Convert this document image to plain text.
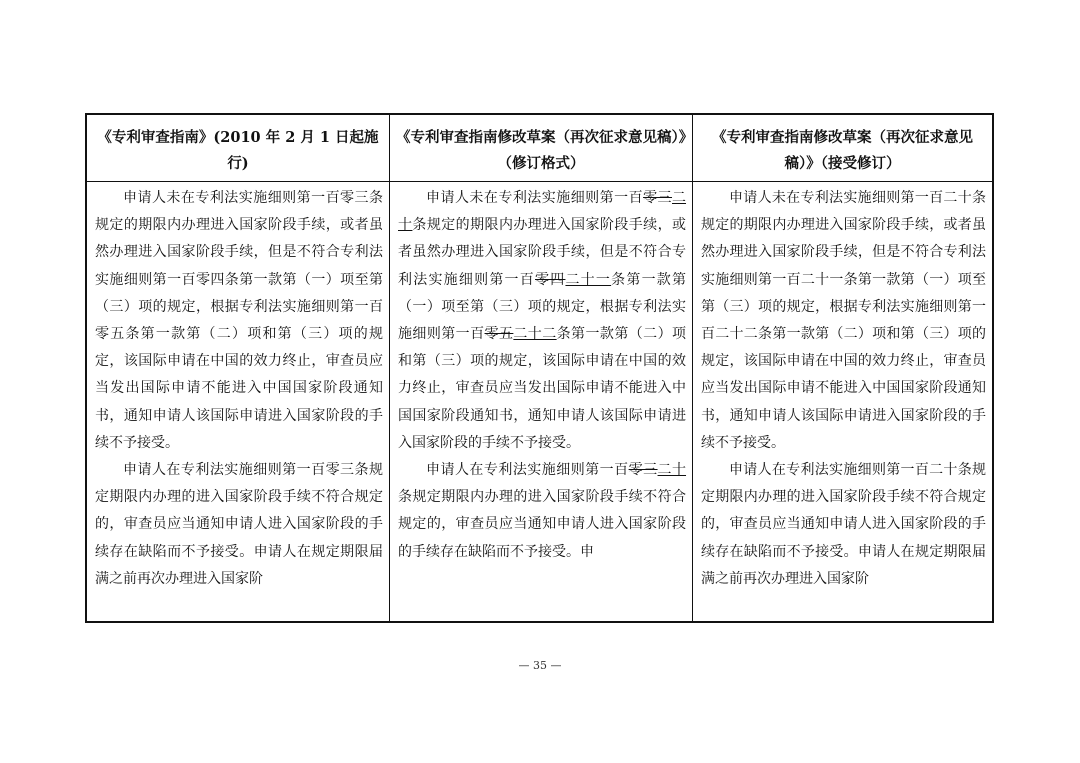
《专利审查指南》(2010 年 2 月 1 日起施行)
《专利审查指南修改草案（再次征求意见稿）》（修订格式）
《专利审查指南修改草案（再次征求意见稿）》（接受修订）

申请人未在专利法实施细则第一百零三条规定的期限内办理进入国家阶段手续，或者虽然办理进入国家阶段手续，但是不符合专利法实施细则第一百零四条第一款第（一）项至第（三）项的规定，根据专利法实施细则第一百零五条第一款第（二）项和第（三）项的规定，该国际申请在中国的效力终止，审查员应当发出国际申请不能进入中国国家阶段通知书，通知申请人该国际申请进入国家阶段的手续不予接受。

申请人在专利法实施细则第一百零三条规定期限内办理的进入国家阶段手续不符合规定的，审查员应当通知申请人进入国家阶段的手续存在缺陷而不予接受。申请人在规定期限届满之前再次办理进入国家阶

申请人未在专利法实施细则第一百零三二十条规定的期限内办理进入国家阶段手续，或者虽然办理进入国家阶段手续，但是不符合专利法实施细则第一百零四二十一条第一款第（一）项至第（三）项的规定，根据专利法实施细则第一百零五二十二条第一款第（二）项和第（三）项的规定，该国际申请在中国的效力终止，审查员应当发出国际申请不能进入中国国家阶段通知书，通知申请人该国际申请进入国家阶段的手续不予接受。

申请人在专利法实施细则第一百零三二十条规定期限内办理的进入国家阶段手续不符合规定的，审查员应当通知申请人进入国家阶段的手续存在缺陷而不予接受。申

申请人未在专利法实施细则第一百二十条规定的期限内办理进入国家阶段手续，或者虽然办理进入国家阶段手续，但是不符合专利法实施细则第一百二十一条第一款第（一）项至第（三）项的规定，根据专利法实施细则第一百二十二条第一款第（二）项和第（三）项的规定，该国际申请在中国的效力终止，审查员应当发出国际申请不能进入中国国家阶段通知书，通知申请人该国际申请进入国家阶段的手续不予接受。

申请人在专利法实施细则第一百二十条规定期限内办理的进入国家阶段手续不符合规定的，审查员应当通知申请人进入国家阶段的手续存在缺陷而不予接受。申请人在规定期限届满之前再次办理进入国家阶

— 35 —
